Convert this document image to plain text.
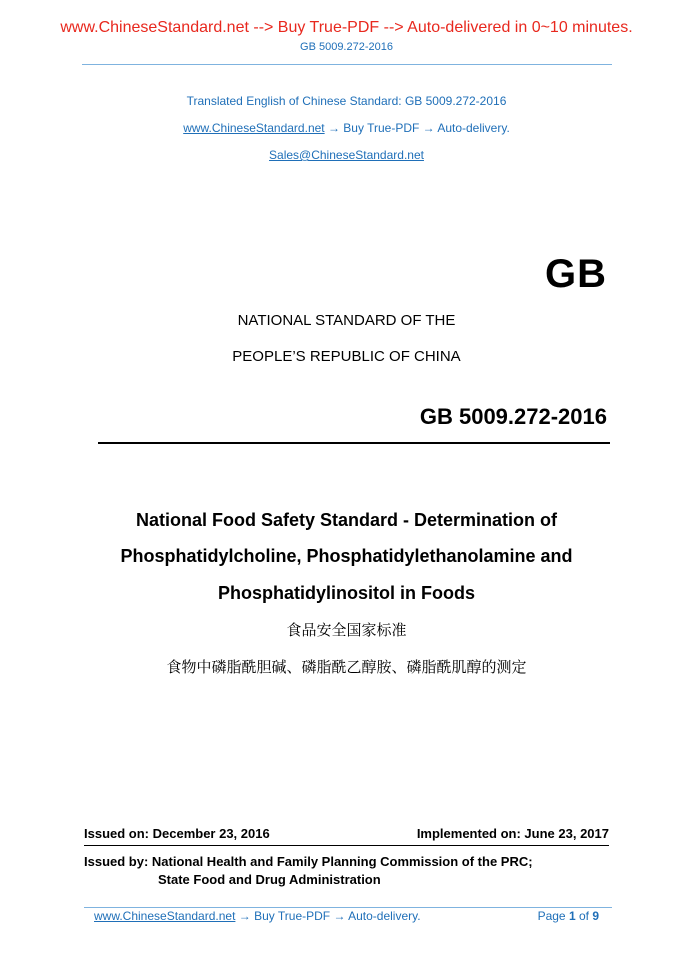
www.ChineseStandard.net --> Buy True-PDF --> Auto-delivered in 0~10 minutes.
GB 5009.272-2016
Translated English of Chinese Standard: GB 5009.272-2016
www.ChineseStandard.net → Buy True-PDF → Auto-delivery.
Sales@ChineseStandard.net
GB
NATIONAL STANDARD OF THE
PEOPLE’S REPUBLIC OF CHINA
GB 5009.272-2016
National Food Safety Standard - Determination of
Phosphatidylcholine, Phosphatidylethanolamine and
Phosphatidylinositol in Foods
食品安全国家标准
食物中磷脂酰胆碱、磷脂酰乙醇胺、磷脂酰肌醇的测定
Issued on: December 23, 2016	Implemented on: June 23, 2017
Issued by: National Health and Family Planning Commission of the PRC;
State Food and Drug Administration
www.ChineseStandard.net → Buy True-PDF → Auto-delivery.	Page 1 of 9
